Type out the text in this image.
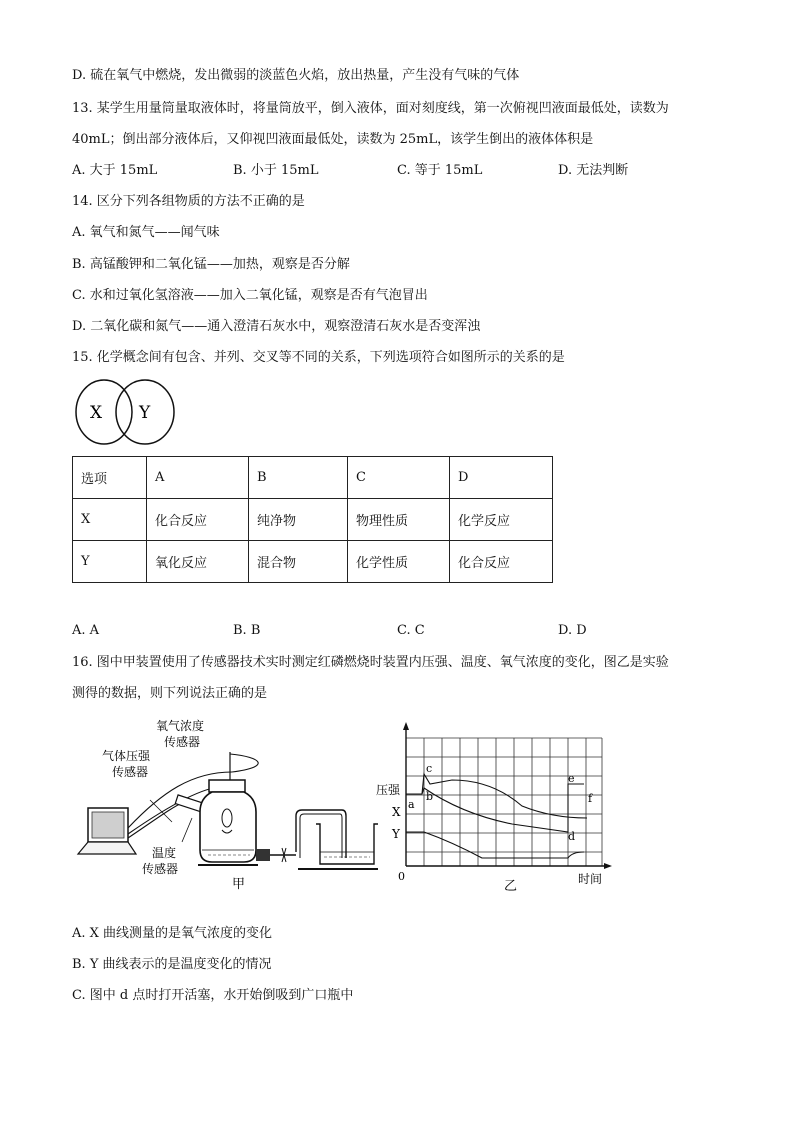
D. 硫在氧气中燃烧，发出微弱的淡蓝色火焰，放出热量，产生没有气味的气体
13. 某学生用量筒量取液体时，将量筒放平，倒入液体，面对刻度线，第一次俯视凹液面最低处，读数为
40mL；倒出部分液体后，又仰视凹液面最低处，读数为 25mL，该学生倒出的液体体积是
A. 大于 15mL	B. 小于 15mL	C. 等于 15mL	D. 无法判断
14. 区分下列各组物质的方法不正确的是
A. 氧气和氮气——闻气味
B. 高锰酸钾和二氧化锰——加热，观察是否分解
C. 水和过氧化氢溶液——加入二氧化锰，观察是否有气泡冒出
D. 二氧化碳和氮气——通入澄清石灰水中，观察澄清石灰水是否变浑浊
15. 化学概念间有包含、并列、交叉等不同的关系，下列选项符合如图所示的关系的是
X Y
选项	A	B	C	D
X	化合反应	纯净物	物理性质	化学反应
Y	氧化反应	混合物	化学性质	化合反应
A. A	B. B	C. C	D. D
16. 图中甲装置使用了传感器技术实时测定红磷燃烧时装置内压强、温度、氧气浓度的变化，图乙是实验
测得的数据，则下列说法正确的是
氧气浓度
传感器
气体压强
传感器
温度
传感器
甲
压强
X
Y
a
b
c
d
e
f
0	时间
乙
A. X 曲线测量的是氧气浓度的变化
B. Y 曲线表示的是温度变化的情况
C. 图中 d 点时打开活塞，水开始倒吸到广口瓶中
